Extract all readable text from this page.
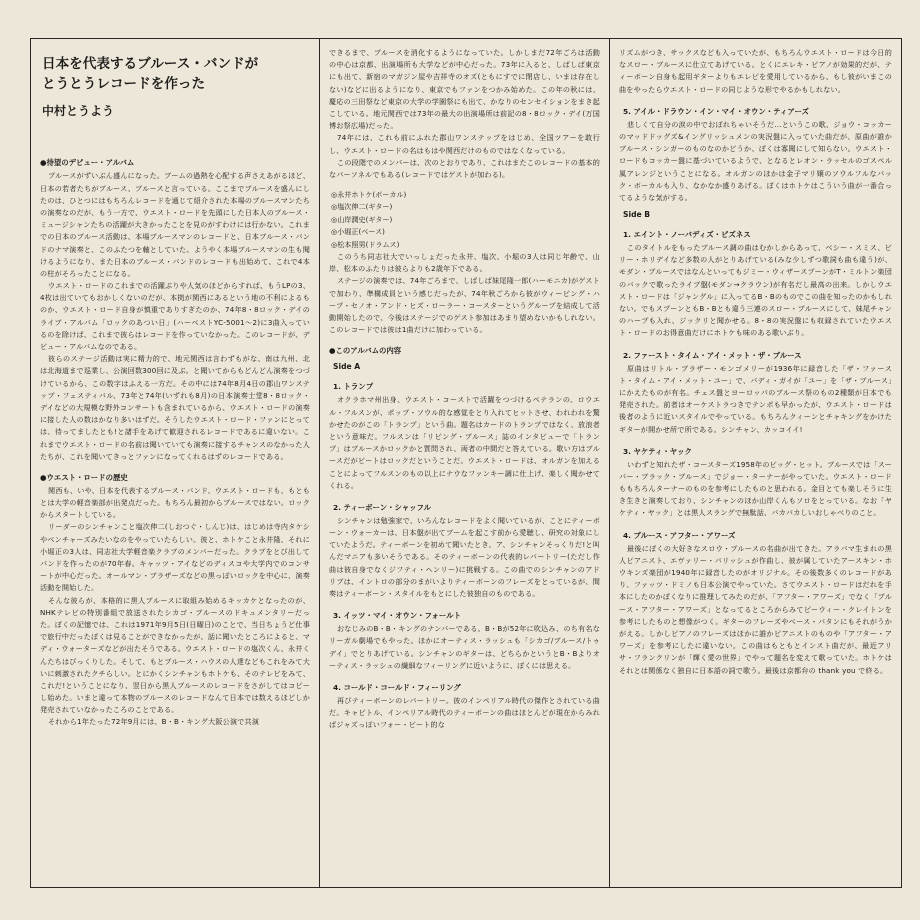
日本を代表するブルース・バンドが
とうとうレコードを作った
中村とうよう

●待望のデビュー・アルバム

ブルースがずいぶん盛んになった。ブームの過熱を心配する声さえあがるほど、日本の若者たちがブルース、ブルースと言っている。ここまでブルースを盛んにしたのは、ひとつにはもちろんレコードを通じて紹介された本場のブルースマンたちの演奏なのだが、もう一方で、ウエスト・ロードを先頭にした日本人のブルース・ミュージシャンたちの活躍が大きかったことを見のがすわけには行かない。これまでの日本のブルース活動は、本場ブルースマンのレコードと、日本ブルース・バンドのナマ演奏と、このふたつを軸としていた。ようやく本場ブルースマンの生も聞けるようになり、また日本のブルース・バンドのレコードも出始めて、これで4本の柱がそろったことになる。

ウエスト・ロードのこれまでの活躍ぶりや人気のほどからすれば、もうLPの3、4枚は出ていてもおかしくないのだが、本拠が関西にあるという地の不利によるものか、ウエスト・ロード自身が慎重でありすぎたのか、74年8・8ロック・デイのライブ・アルバム「ロックのあつい日」(ハーベストYC-5001〜2)に3曲入っているのを除けば、これまで彼らはレコードを作っていなかった。このレコードが、デビュー・アルバムなのである。

彼らのステージ活動は実に精力的で、地元関西は言わずもがな、南は九州、北は北海道まで巡業し、公演回数300回に及ぶ。と聞いてからもどんどん演奏をつづけているから、この数字はふえる一方だ。その中には74年8月4日の郡山ワンステップ・フェスティバル、73年と74年(いずれも8月)の日本演奏士堂8・8ロック・デイなどの大規模な野外コンサートも含まれているから、ウエスト・ロードの演奏に接した人の数はかなり多いはずだ。そうしたウエスト・ロード・ファンにとっては、待ってましたとも!と諸手をあげて歓迎されるレコードであるに違いない。これまでウエスト・ロードの名前は聞いていても演奏に接するチャンスのなかった人たちが、これを聞いてきっとファンになってくれるはずのレコードである。

●ウエスト・ロードの歴史

関西も、いや、日本を代表するブルース・バンド、ウエスト・ロードも、もともとは大学の軽音楽部が出発点だった。もちろん最初からブルースではない。ロックからスタートしている。

リーダーのシンチャンこと塩次伸二(しおつぐ・しんじ)は、はじめは寺内タケシやベンチャーズみたいなのをやっていたらしい。彼と、ホトケこと永井隆、それに小堀正の3人は、同志社大学軽音楽クラブのメンバーだった。クラブをとび出してバンドを作ったのが70年春。キャッツ・アイなどのディスコや大学内でのコンサートが中心だった。オールマン・ブラザーズなどの黒っぽいロックを中心に、演奏活動を開始した。

そんな彼らが、本格的に黒人ブルースに取組み始めるキッカケとなったのが、NHKテレビの特別番組で放送されたシカゴ・ブルースのドキュメンタリーだった。ぼくの記憶では、これは1971年9月5日(日曜日)のことで、当日ちょうど仕事で旅行中だったぼくは見ることができなかったが、話に聞いたところによると、マディ・ウォーターズなどが出たそうである。ウエスト・ロードの塩次くん、永井くんたちはびっくりした。そして、もとブルース・ハウスの人達などもこれをみて大いに刺激されたクチらしい。とにかくシンチャンもホトケも、そのテレビをみて、これだ!ということになり、翌日から黒人ブルースのレコードをさがしてはコピーし始めた。いまと違って本物のブルースのレコードなんて日本では数えるほどしか発売されていなかったころのことである。

それから1年たった72年9月には、B・B・キング大阪公演で共演

できるまで、ブルースを消化するようになっていた。しかしまだ72年ごろは活動の中心は京都、出演場所も大学などが中心だった。73年に入ると、しばしば東京にも出て、新宿のマガジン屋や吉祥寺のオズ(ともにすでに閉店し、いまは存在しない)などに出るようになり、東京でもファンをつかみ始めた。この年の秋には、慶応の三田祭など東京の大学の学園祭にも出て、かなりのセンセイションをまき起こしている。地元関西では73年の最大の出演場所は前記の8・8ロック・デイ(万国博お祭広場)だった。

74年には、これも前にふれた郡山ワンステップをはじめ、全国ツアーを敢行し、ウエスト・ロードの名はもはや関西だけのものではなくなっている。

この段階でのメンバーは、次のとおりであり、これはまたこのレコードの基本的なパーソネルでもある(レコードではゲストが加わる)。

◎永井ホトケ(ボーカル)

◎塩次伸二(ギター)

◎山岸潤史(ギター)

◎小堀正(ベース)

◎松本照男(ドラムス)

このうち同志社大でいっしょだった永井、塩次、小堀の3人は同じ年齢で、山岸、松本のふたりは彼らよりも2歳年下である。

ステージの演奏では、74年ごろまで、しばしば妹尾隆一郎(ハーモニカ)がゲストで加わり、準構成員という感じだったが、74年秋ごろから彼がウィーピング・ハープ・セノオ・アンド・ヒズ・ローラー・コースターというグループを結成して活動開始したので、今後はステージでのゲスト参加はあまり望めないかもしれない。このレコードでは彼は1曲だけに加わっている。

●このアルバムの内容

Side A

1. トランプ

オクラホマ州出身、ウエスト・コーストで活躍をつづけるペテランの、ロウエル・フルスンが、ポップ・ソウル的な感覚をとり入れてヒットさせ、われわれを驚かせたのがこの「トランプ」という曲。題名はカードのトランプではなく、放浪者という意味だ。フルスンは「リビング・ブルース」誌のインタビューで「トランプ」はブルースかロックかと質問され、両者の中間だと答えている。歌い方はブルースだがビートはロックだということだ。ウエスト・ロードは、オルガンを加えることによってフルスンのもの以上にナウなファンキー調に仕上げ、楽しく聞かせてくれる。

2. ティーボーン・シャッフル

シンチャンは勉強家で、いろんなレコードをよく聞いているが、ことにティーボーン・ウォーカーは、日本盤が出てブームを起こす前から愛聴し、研究の対象にしていたようだ。ティーボーンを初めて聞いたとき、ア、シンチャンそっくりだ!と叫んだマニアも多いそうである。そのティーボーンの代表的レパートリー(ただし作曲は彼自身でなくジフティ・ヘンリー)に挑戦する。この曲でのシンチャンのアドリブは、イントロの部分のまがいよりティーボーンのフレーズをとっているが、間奏はティーボーン・スタイルをもとにした彼独自のものである。

3. イッツ・マイ・オウン・フォールト

おなじみのB・B・キングのナンバーである。B・Bが52年に吹込み、のち有名なリーガル劇場でもやった。ほかにオーティス・ラッシュも「シカゴ/ブルース/トゥデイ」でとりあげている。シンチャンのギターは、どちらかというとB・Bよりオーティス・ラッシュの繊細なフィーリングに近いように、ぼくには思える。

4. コールド・コールド・フィーリング

再びティーボーンのレパートリー。彼のインペリアル時代の傑作とされている曲だ。キャピトル、インペリアル時代のティーボーンの曲はほとんどが現在からみればジャズっぽいフォー・ビート的な

リズムがつき、サックスなども入っていたが、もちろんウエスト・ロードは今日的なスロー・ブルースに仕立てあげている。とくにエレキ・ピアノが効果的だが、ティーボーン自身も起用ギターよりもエレピを愛用しているから、もし彼がいまこの曲をやったらウエスト・ロードの同じような形でやるかもしれない。

5. アイル・ドラウン・イン・マイ・オウン・ティアーズ

悲しくて自分の涙の中でおぼれちゃいそうだ…というこの歌、ジョウ・コッカーのマッドドッグズ&イングリッシュメンの実況盤に入っていた曲だが、原曲が誰かブルース・シンガーのものなのかどうか、ぼくは寡聞にして知らない。ウエスト・ロードもコッカー盤に基づいているようで、となるとレオン・ラッセルのゴスペル風アレンジということになる。オルガンのほかは金子マリ嬢のソウルフルなバック・ボーカルも入り、なかなか盛りあげる。ぼくはホトケはこういう曲が一番合ってるような気がする。

Side B

1. エイント・ノーバディズ・ビズネス

このタイトルをもったブルース調の曲はむかしからあって、ベシー・スミス、ビリー・ホリデイなど多数の人がとりあげている(みな少しずつ歌詞も曲も違う)が、モダン・ブルースではなんといってもジミー・ウィザースプーンがT・ミルトン楽団のバックで歌ったライブ盤(モダン→クラウン)が有名だし最高の出来。しかしウエスト・ロードは「ジャングル」に入ってるB・Bのものでこの曲を知ったのかもしれない。でもスプーンともB・Bとも違う三連のスロー・ブルースにして、妹尾チャンのハープも入れ、ジックリと聞かせる。8・8の実況盤にも収録されていたウエスト・ロードのお得意曲だけにホトケも味のある歌いぶり。

2. ファースト・タイム・アイ・メット・ザ・ブルース

原曲はリトル・ブラザー・モンゴメリーが1936年に録音した「ザ・ファースト・タイム・アイ・メット・ユー」で、バディ・ガイが「ユー」を「ザ・ブルース」にかえたものが有名。チェス盤とヨーロッパのブルース祭のもの2種類が日本でも発売された。前者はオーケストラつきでテンポも早かったが、ウエスト・ロードは後者のように近いスタイルでやっている。もちろんクィーンとチャキングをかけたギターが開かせ所で所である。シンチャン、カッコイイ!

3. ヤケティ・ヤック

いわずと知れたザ・コースターズ1958年のビッグ・ヒット。ブルースでは「スーパー・ブラック・ブルース」でジョー・ターナーがやっていた。ウエスト・ロードももちろんターナーのものを参考にしたものと思われる。金目とても楽しそうに生き生きと演奏しており、シンチャンのほか山岸くんもソロをとっている。なお「ヤケティ・ヤック」とは黒人スラングで無駄話、バカバカしいおしゃべりのこと。

4. ブルース・アフター・アワーズ

最後にぼくの大好きなスロウ・ブルースの名曲が出てきた。アラバマ生まれの黒人ピアニスト、エヴァリー・パリッシュが作曲し、彼が属していたアースキン・ホウキンズ楽団が1940年に録音したのがオリジナル。その後数多くのレコードがあり、ファッツ・ドミノも日本公演でやっていた。さてウエスト・ロードはだれを手本にしたのかぼくなりに推理してみたのだが、「アフター・アワーズ」でなく「ブルース・アフター・アワーズ」となってるところからみてピーウィー・クレイトンを参考にしたものと想像がつく。ギターのフレーズやベース・パタンにもそれがうかがえる。しかしピアノのフレーズはほかに誰かピアニストのものや「アフター・アワーズ」を参考にしたに違いない。この曲はもともとインスト曲だが、最近アリサ・フランクリンが「輝く愛の世界」でやって題名を変えて歌っていた。ホトケはそれとは関係なく独自に日本語の詞で歌う。最後は京都弁の thank you で終る。
